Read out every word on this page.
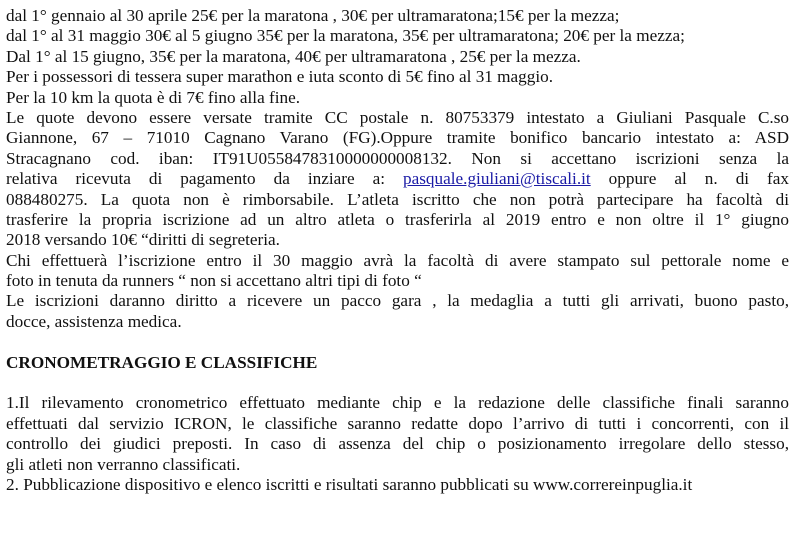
dal 1° gennaio al 30 aprile 25€ per la maratona , 30€ per ultramaratona;15€ per la mezza;
dal 1° al 31 maggio 30€ al 5 giugno 35€ per la maratona, 35€ per ultramaratona; 20€ per la mezza;
Dal 1° al 15 giugno, 35€ per la maratona, 40€ per ultramaratona , 25€ per la mezza.
Per i possessori di tessera super marathon e iuta sconto di 5€ fino al 31 maggio.
Per la 10 km la quota è di 7€ fino alla fine.
Le quote devono essere versate tramite CC postale n. 80753379 intestato a Giuliani Pasquale C.so
Giannone, 67 – 71010 Cagnano Varano (FG).Oppure tramite bonifico bancario intestato a: ASD
Stracagnano cod. iban: IT91U0558478310000000008132. Non si accettano iscrizioni senza la
relativa ricevuta di pagamento da inziare a: pasquale.giuliani@tiscali.it oppure al n. di fax
088480275. La quota non è rimborsabile. L’atleta iscritto che non potrà partecipare ha facoltà di
trasferire la propria iscrizione ad un altro atleta o trasferirla al 2019 entro e non oltre il 1° giugno
2018 versando 10€ “diritti di segreteria.
Chi effettuerà l’iscrizione entro il 30 maggio avrà la facoltà di avere stampato sul pettorale nome e
foto in tenuta da runners “ non si accettano altri tipi di foto “
Le iscrizioni daranno diritto a ricevere un pacco gara , la medaglia a tutti gli arrivati, buono pasto,
docce, assistenza medica.
CRONOMETRAGGIO E CLASSIFICHE
1.Il rilevamento cronometrico effettuato mediante chip e la redazione delle classifiche finali saranno
effettuati dal servizio ICRON, le classifiche saranno redatte dopo l’arrivo di tutti i concorrenti, con il
controllo dei giudici preposti. In caso di assenza del chip o posizionamento irregolare dello stesso,
gli atleti non verranno classificati.
2. Pubblicazione dispositivo e elenco iscritti e risultati saranno pubblicati su www.correreinpuglia.it
